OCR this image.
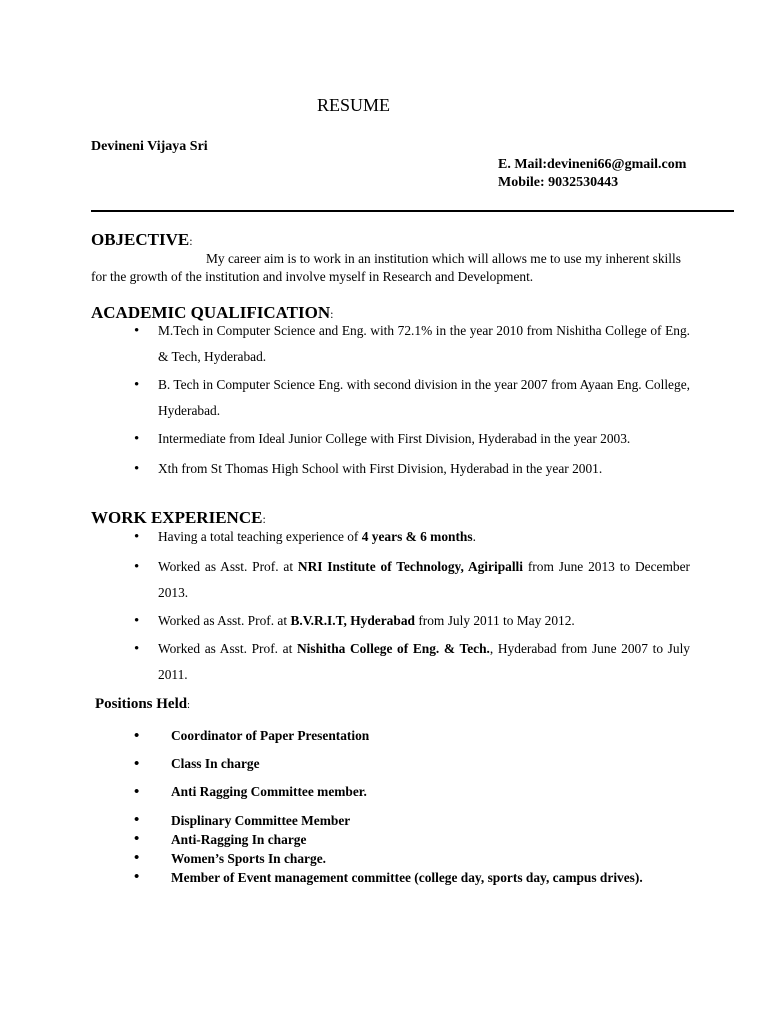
RESUME
Devineni Vijaya Sri
E. Mail:devineni66@gmail.com
Mobile: 9032530443
OBJECTIVE:
My career aim is to work in an institution which will allows me to use my inherent skills
for the growth of the institution and involve myself in Research and Development.
ACADEMIC QUALIFICATION:
• M.Tech in Computer Science and Eng. with 72.1% in the year 2010 from Nishitha College of Eng. & Tech, Hyderabad.
• B. Tech in Computer Science Eng. with second division in the year 2007 from Ayaan Eng. College, Hyderabad.
• Intermediate from Ideal Junior College with First Division, Hyderabad in the year 2003.
• Xth from St Thomas High School with First Division, Hyderabad in the year 2001.
WORK EXPERIENCE:
• Having a total teaching experience of 4 years & 6 months.
• Worked as Asst. Prof. at NRI Institute of Technology, Agiripalli from June 2013 to December 2013.
• Worked as Asst. Prof. at B.V.R.I.T, Hyderabad from July 2011 to May 2012.
• Worked as Asst. Prof. at Nishitha College of Eng. & Tech., Hyderabad from June 2007 to July 2011.
Positions Held:
• Coordinator of Paper Presentation
• Class In charge
• Anti Ragging Committee member.
• Displinary Committee Member
• Anti-Ragging In charge
• Women’s Sports In charge.
• Member of Event management committee (college day, sports day, campus drives).
